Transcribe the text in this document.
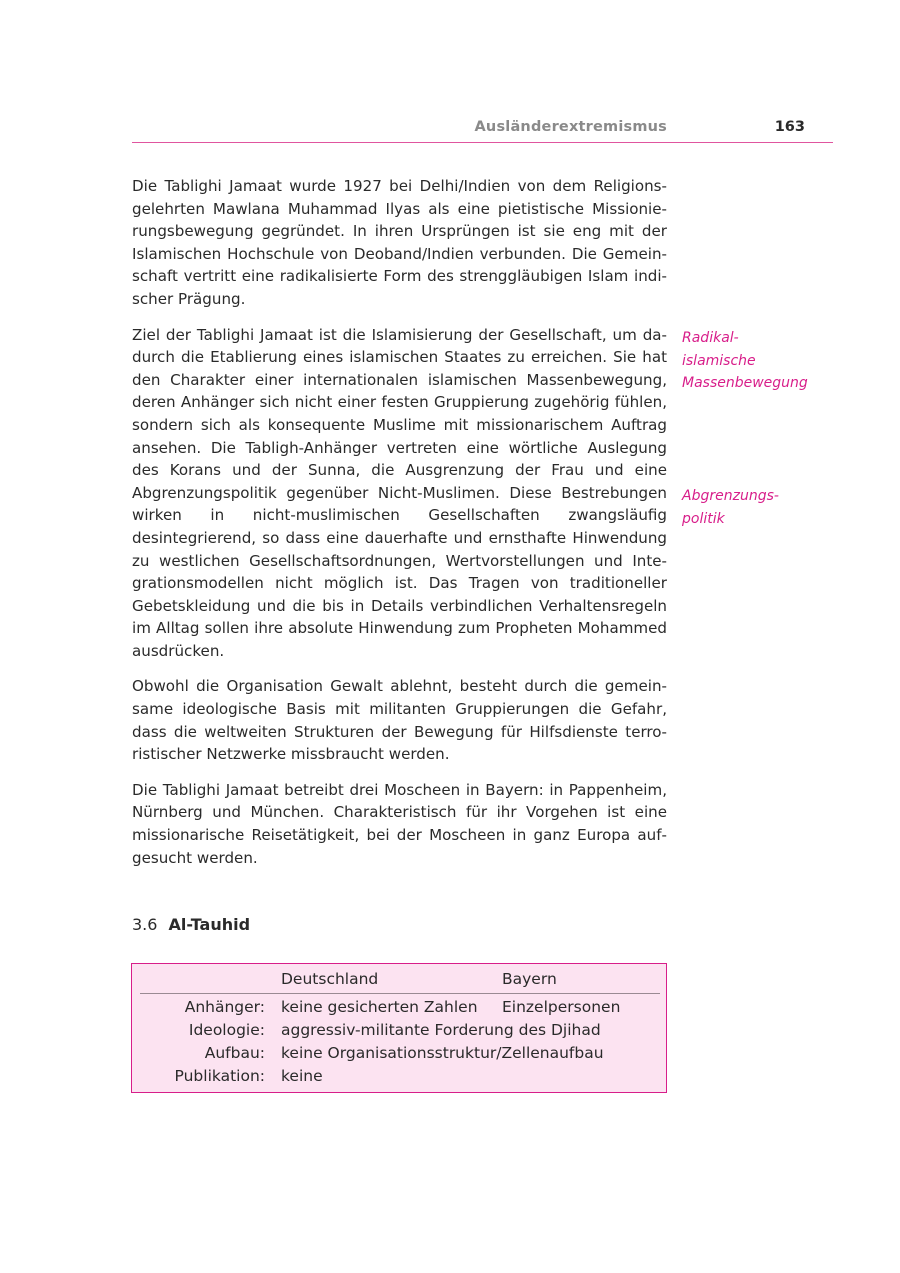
Ausländerextremismus	163

Die Tablighi Jamaat wurde 1927 bei Delhi/Indien von dem Religionsgelehrten Mawlana Muhammad Ilyas als eine pietistische Missionierungsbewegung gegründet. In ihren Ursprüngen ist sie eng mit der Islamischen Hochschule von Deoband/Indien verbunden. Die Gemeinschaft vertritt eine radikalisierte Form des strenggläubigen Islam indischer Prägung.

Ziel der Tablighi Jamaat ist die Islamisierung der Gesellschaft, um dadurch die Etablierung eines islamischen Staates zu erreichen. Sie hat den Charakter einer internationalen islamischen Massenbewegung, deren Anhänger sich nicht einer festen Gruppierung zugehörig fühlen, sondern sich als konsequente Muslime mit missionarischem Auftrag ansehen. Die Tabligh-Anhänger vertreten eine wörtliche Auslegung des Korans und der Sunna, die Ausgrenzung der Frau und eine Abgrenzungspolitik gegenüber Nicht-Muslimen. Diese Bestrebungen wirken in nicht-muslimischen Gesellschaften zwangsläufig desintegrierend, so dass eine dauerhafte und ernsthafte Hinwendung zu westlichen Gesellschaftsordnungen, Wertvorstellungen und Integrationsmodellen nicht möglich ist. Das Tragen von traditioneller Gebetskleidung und die bis in Details verbindlichen Verhaltensregeln im Alltag sollen ihre absolute Hinwendung zum Propheten Mohammed ausdrücken.

Obwohl die Organisation Gewalt ablehnt, besteht durch die gemeinsame ideologische Basis mit militanten Gruppierungen die Gefahr, dass die weltweiten Strukturen der Bewegung für Hilfsdienste terroristischer Netzwerke missbraucht werden.

Die Tablighi Jamaat betreibt drei Moscheen in Bayern: in Pappenheim, Nürnberg und München. Charakteristisch für ihr Vorgehen ist eine missionarische Reisetätigkeit, bei der Moscheen in ganz Europa aufgesucht werden.

Radikal-islamische Massenbewegung
Abgrenzungs-
politik
3.6 Al-Tauhid
Deutschland	Bayern
Anhänger: keine gesicherten Zahlen Einzelpersonen
Ideologie: aggressiv-militante Forderung des Djihad
Aufbau: keine Organisationsstruktur/Zellenaufbau
Publikation: keine
